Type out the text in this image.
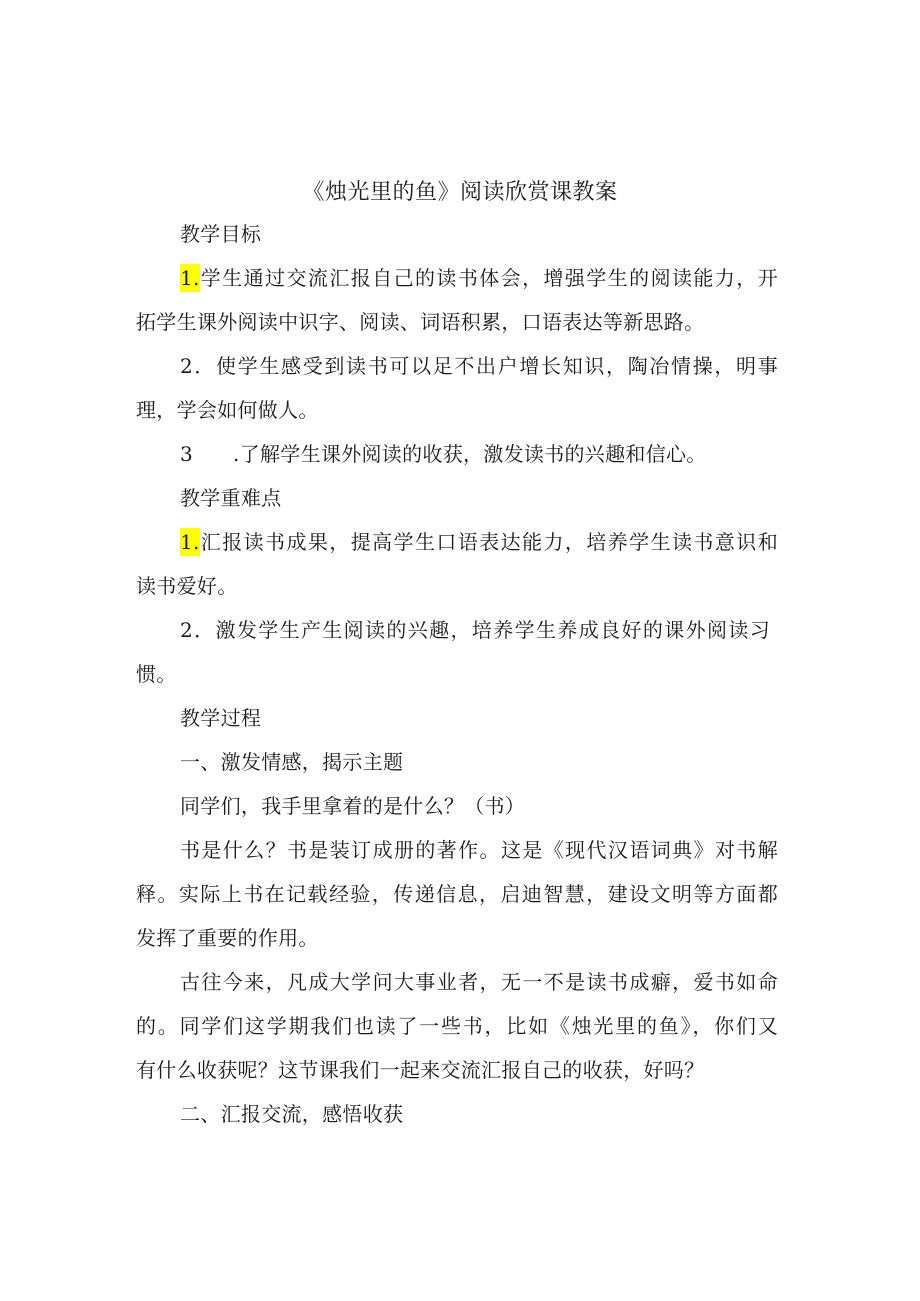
《烛光里的鱼》阅读欣赏课教案
教学目标
1.学生通过交流汇报自己的读书体会，增强学生的阅读能力，开
拓学生课外阅读中识字、阅读、词语积累，口语表达等新思路。
2．使学生感受到读书可以足不出户增长知识，陶冶情操，明事
理，学会如何做人。
3 .了解学生课外阅读的收获，激发读书的兴趣和信心。
教学重难点
1.汇报读书成果，提高学生口语表达能力，培养学生读书意识和
读书爱好。
2．激发学生产生阅读的兴趣，培养学生养成良好的课外阅读习
惯。
教学过程
一、激发情感，揭示主题
同学们，我手里拿着的是什么？（书）
书是什么？书是装订成册的著作。这是《现代汉语词典》对书解
释。实际上书在记载经验，传递信息，启迪智慧，建设文明等方面都
发挥了重要的作用。
古往今来，凡成大学问大事业者，无一不是读书成癖，爱书如命
的。同学们这学期我们也读了一些书，比如《烛光里的鱼》，你们又
有什么收获呢？这节课我们一起来交流汇报自己的收获，好吗？
二、汇报交流，感悟收获
